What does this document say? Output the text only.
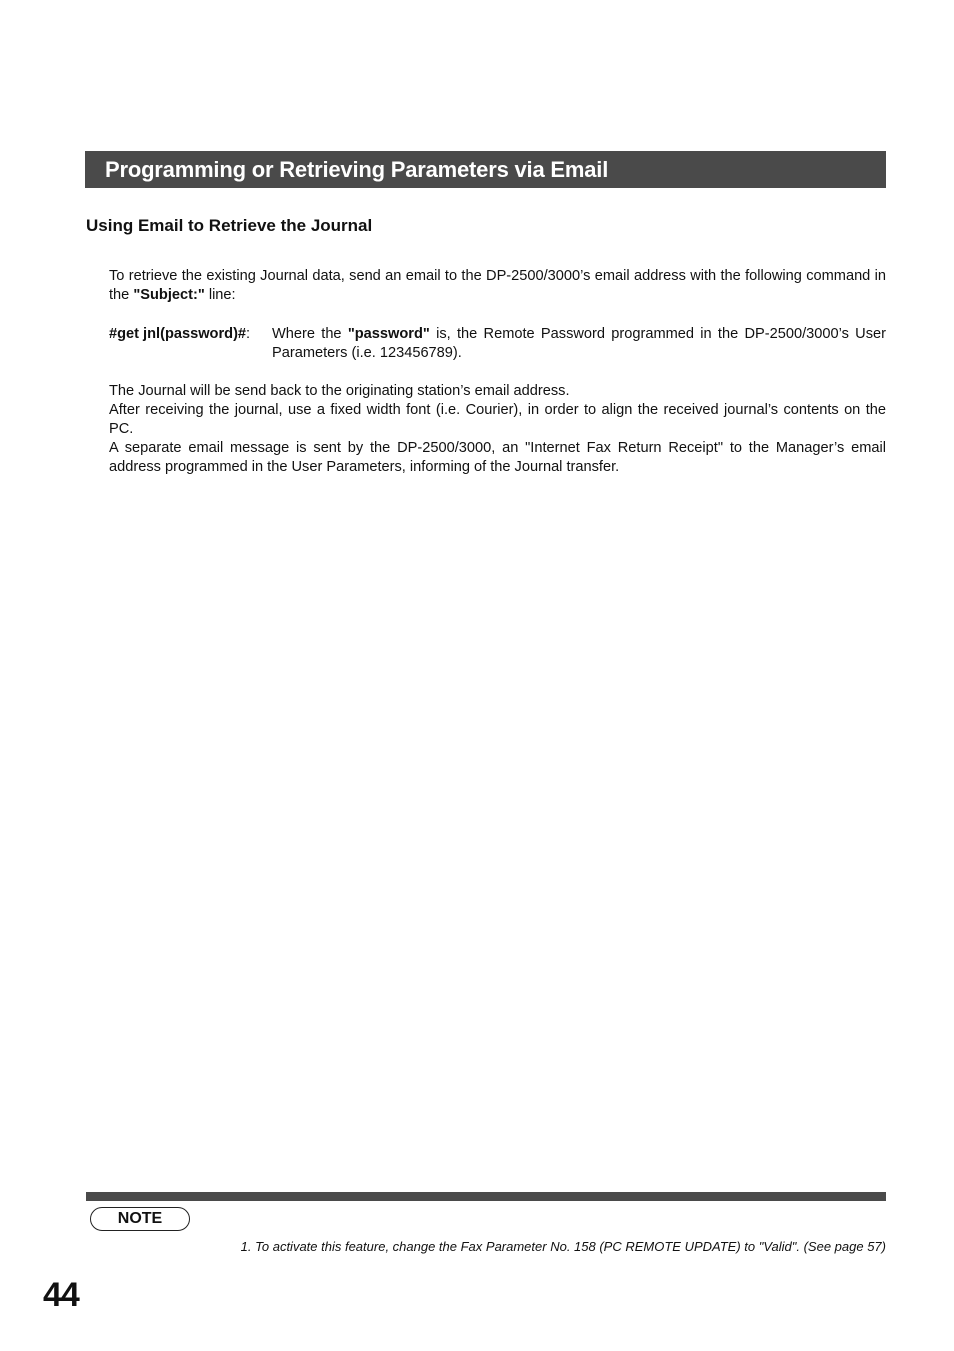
Programming or Retrieving Parameters via Email
Using Email to Retrieve the Journal

To retrieve the existing Journal data, send an email to the DP-2500/3000’s email address with the following command in the "Subject:" line:

#get jnl(password)#: Where the "password" is, the Remote Password programmed in the DP-2500/3000’s User Parameters (i.e. 123456789).
The Journal will be send back to the originating station’s email address.
After receiving the journal, use a fixed width font (i.e. Courier), in order to align the received journal’s contents on the PC.
A separate email message is sent by the DP-2500/3000, an "Internet Fax Return Receipt" to the Manager’s email address programmed in the User Parameters, informing of the Journal transfer.
NOTE

1. To activate this feature, change the Fax Parameter No. 158 (PC REMOTE UPDATE) to "Valid". (See page 57)

44
